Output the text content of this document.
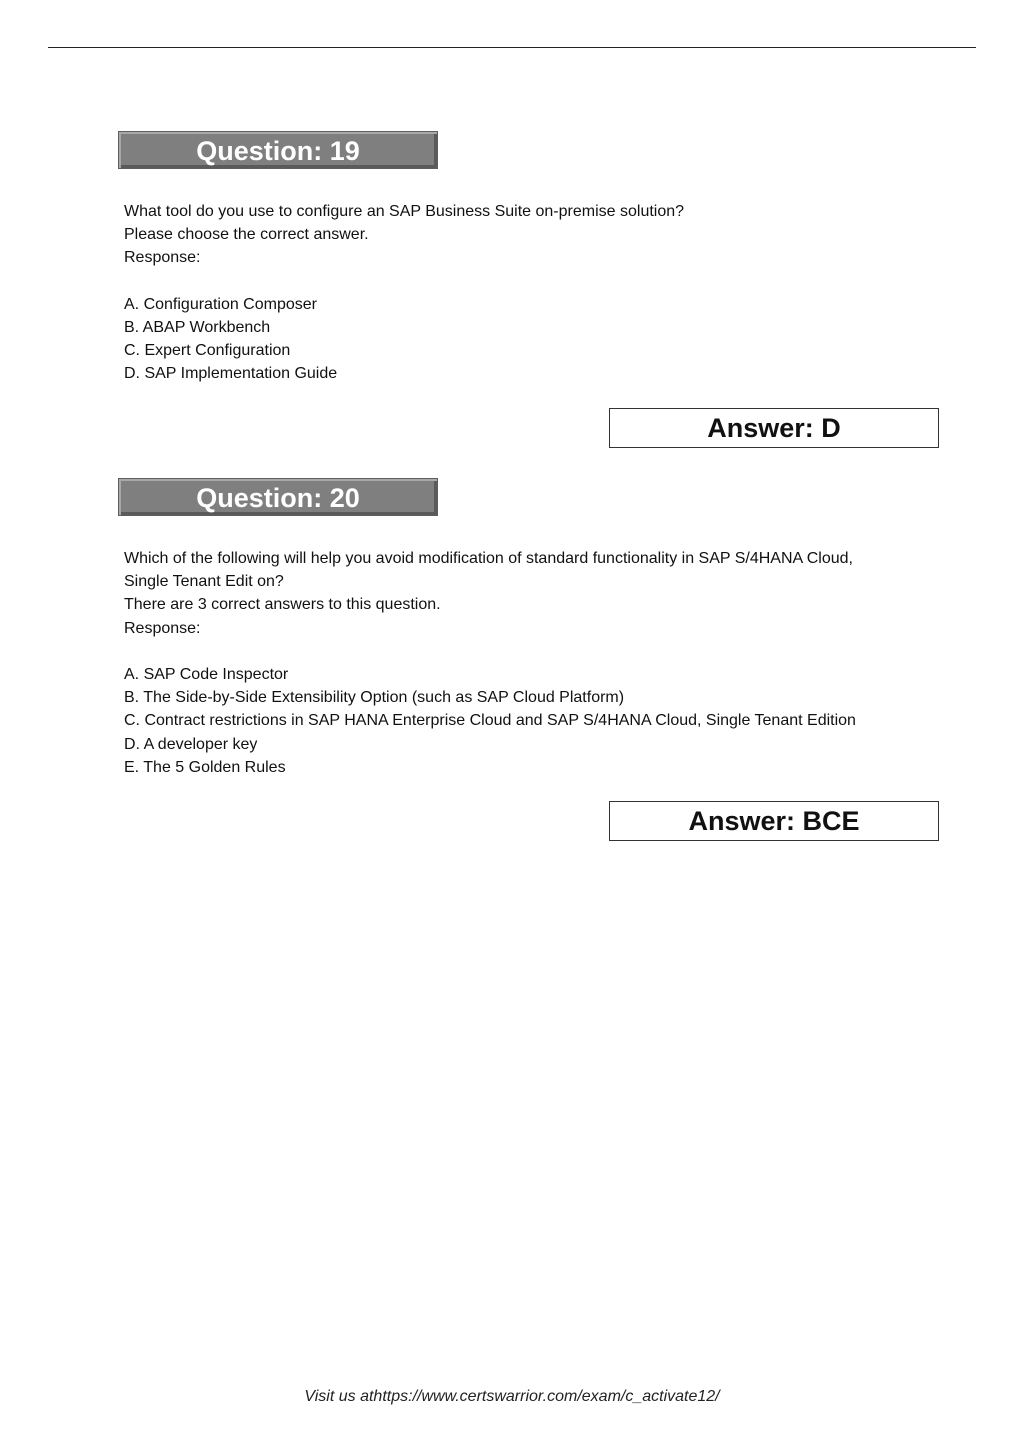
Question: 19

What tool do you use to configure an SAP Business Suite on-premise solution?

Please choose the correct answer.

Response:

A. Configuration Composer

B. ABAP Workbench

C. Expert Configuration

D. SAP Implementation Guide

Answer: D
Question: 20

Which of the following will help you avoid modification of standard functionality in SAP S/4HANA Cloud,

Single Tenant Edit on?

There are 3 correct answers to this question.

Response:

A. SAP Code Inspector

B. The Side-by-Side Extensibility Option (such as SAP Cloud Platform)

C. Contract restrictions in SAP HANA Enterprise Cloud and SAP S/4HANA Cloud, Single Tenant Edition

D. A developer key

E. The 5 Golden Rules

Answer: BCE
Visit us athttps://www.certswarrior.com/exam/c_activate12/
